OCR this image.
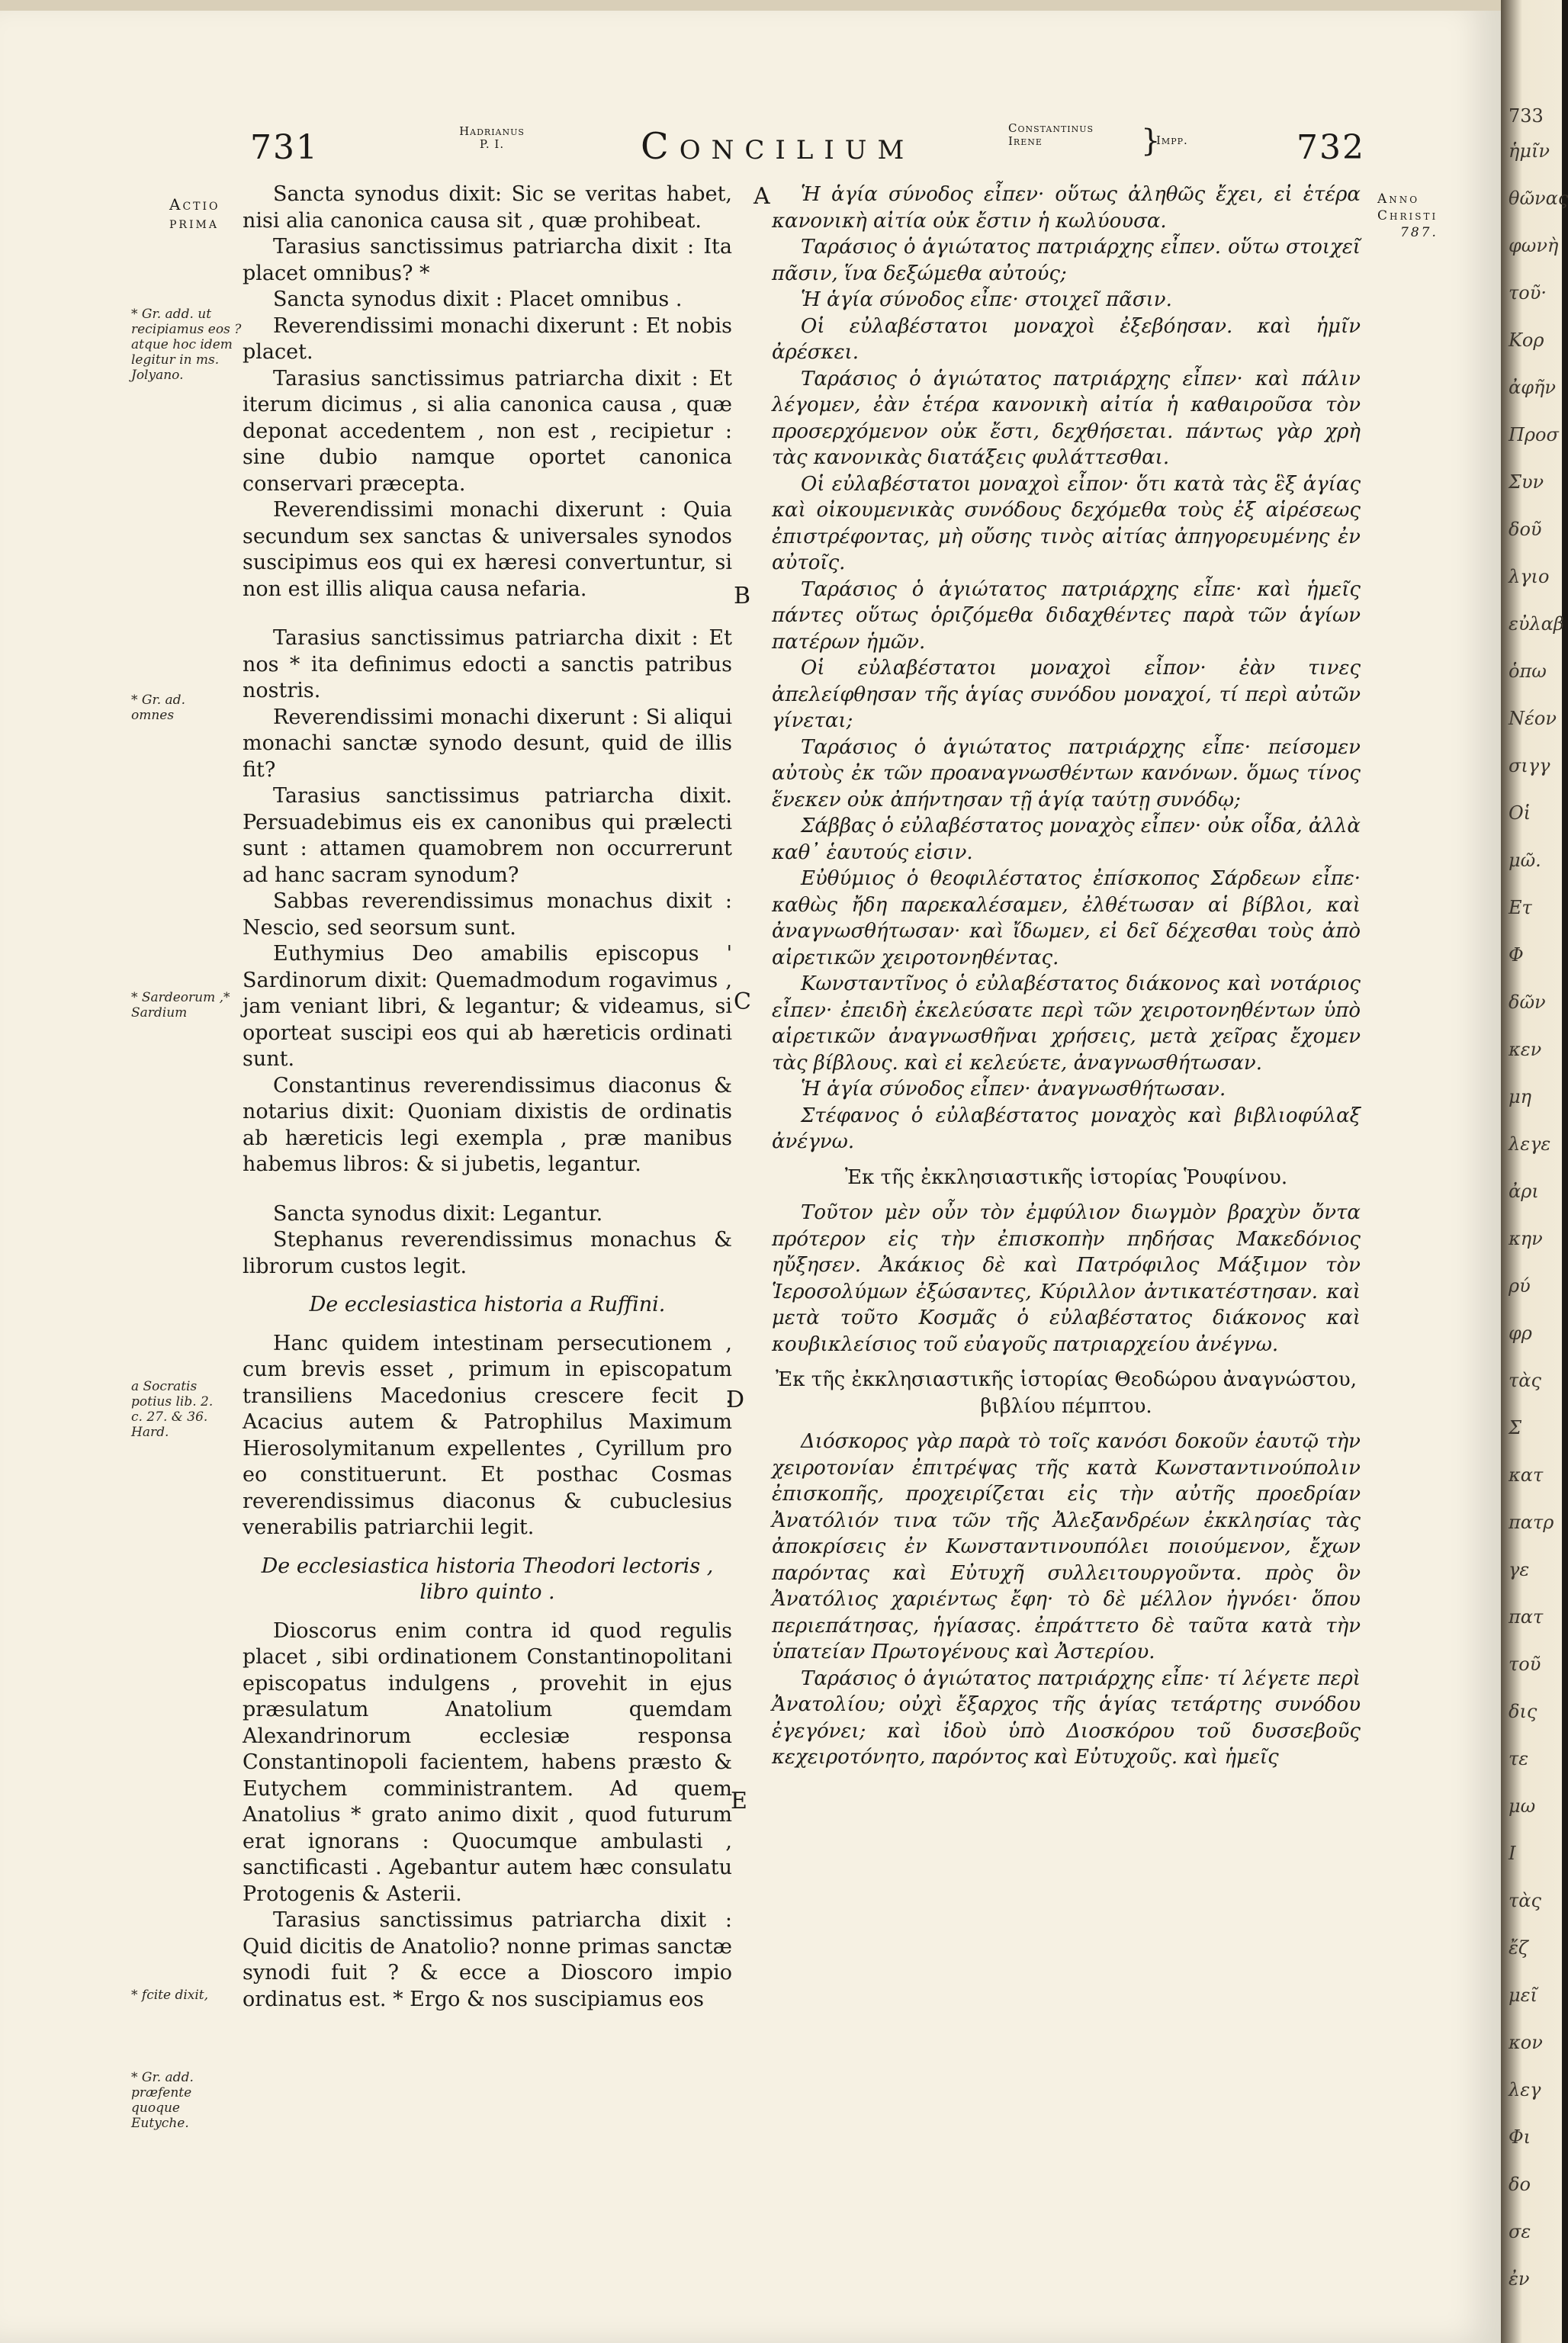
731	Hadrianus
P. I.	Concilium	Constantinus
Irene	}
Impp.	732
Actio
prima
* Gr. add. ut recipiamus eos ? atque hoc idem legitur in ms. Jolyano.
* Gr. ad. omnes
* Sardeorum ,* Sardium
a Socratis potius lib. 2. c. 27. & 36. Hard.
* fcite dixit,
* Gr. add. præfente quoque Eutyche.
Anno
Christi
787.
A
B
C
D
E

Sancta synodus dixit: Sic se veritas habet, nisi alia canonica causa sit , quæ prohibeat.

Tarasius sanctissimus patriarcha dixit : Ita placet omnibus? *

Sancta synodus dixit : Placet omnibus .

Reverendissimi monachi dixerunt : Et nobis placet.

Tarasius sanctissimus patriarcha dixit : Et iterum dicimus , si alia canonica causa , quæ deponat accedentem , non est , recipietur : sine dubio namque oportet canonica conservari præcepta.

Reverendissimi monachi dixerunt : Quia secundum sex sanctas & universales synodos suscipimus eos qui ex hæresi convertuntur, si non est illis aliqua causa nefaria.

Tarasius sanctissimus patriarcha dixit : Et nos * ita definimus edocti a sanctis patribus nostris.

Reverendissimi monachi dixerunt : Si aliqui monachi sanctæ synodo desunt, quid de illis fit?

Tarasius sanctissimus patriarcha dixit. Persuadebimus eis ex canonibus qui prælecti sunt : attamen quamobrem non occurrerunt ad hanc sacram synodum?

Sabbas reverendissimus monachus dixit : Nescio, sed seorsum sunt.

Euthymius Deo amabilis episcopus ' Sardinorum dixit: Quemadmodum rogavimus , jam veniant libri, & legantur; & videamus, si oporteat suscipi eos qui ab hæreticis ordinati sunt.

Constantinus reverendissimus diaconus & notarius dixit: Quoniam dixistis de ordinatis ab hæreticis legi exempla , præ manibus habemus libros: & si jubetis, legantur.

Sancta synodus dixit: Legantur.

Stephanus reverendissimus monachus & librorum custos legit.

De ecclesiastica historia a Ruffini.

Hanc quidem intestinam persecutionem , cum brevis esset , primum in episcopatum transiliens Macedonius crescere fecit . Acacius autem & Patrophilus Maximum Hierosolymitanum expellentes , Cyrillum pro eo constituerunt. Et posthac Cosmas reverendissimus diaconus & cubuclesius venerabilis patriarchii legit.

De ecclesiastica historia Theodori lectoris , libro quinto .

Dioscorus enim contra id quod regulis placet , sibi ordinationem Constantinopolitani episcopatus indulgens , provehit in ejus præsulatum Anatolium quemdam Alexandrinorum ecclesiæ responsa Constantinopoli facientem, habens præsto & Eutychem comministrantem. Ad quem Anatolius * grato animo dixit , quod futurum erat ignorans : Quocumque ambulasti , sanctificasti . Agebantur autem hæc consulatu Protogenis & Asterii.

Tarasius sanctissimus patriarcha dixit : Quid dicitis de Anatolio? nonne primas sanctæ synodi fuit ? & ecce a Dioscoro impio ordinatus est. * Ergo & nos suscipiamus eos

Ἡ ἁγία σύνοδος εἶπεν· οὕτως ἀληθῶς ἔχει, εἰ ἑτέρα κανονικὴ αἰτία οὐκ ἔστιν ἡ κωλύουσα.

Ταράσιος ὁ ἁγιώτατος πατριάρχης εἶπεν. οὕτω στοιχεῖ πᾶσιν, ἵνα δεξώμεθα αὐτούς;

Ἡ ἁγία σύνοδος εἶπε· στοιχεῖ πᾶσιν.

Οἱ εὐλαβέστατοι μοναχοὶ ἐξεβόησαν. καὶ ἡμῖν ἀρέσκει.

Ταράσιος ὁ ἁγιώτατος πατριάρχης εἶπεν· καὶ πάλιν λέγομεν, ἐὰν ἑτέρα κανονικὴ αἰτία ἡ καθαιροῦσα τὸν προσερχόμενον οὐκ ἔστι, δεχθήσεται. πάντως γὰρ χρὴ τὰς κανονικὰς διατάξεις φυλάττεσθαι.

Οἱ εὐλαβέστατοι μοναχοὶ εἶπον· ὅτι κατὰ τὰς ἓξ ἁγίας καὶ οἰκουμενικὰς συνόδους δεχόμεθα τοὺς ἐξ αἱρέσεως ἐπιστρέφοντας, μὴ οὔσης τινὸς αἰτίας ἀπηγορευμένης ἐν αὐτοῖς.

Ταράσιος ὁ ἁγιώτατος πατριάρχης εἶπε· καὶ ἡμεῖς πάντες οὕτως ὁριζόμεθα διδαχθέντες παρὰ τῶν ἁγίων πατέρων ἡμῶν.

Οἱ εὐλαβέστατοι μοναχοὶ εἶπον· ἐὰν τινες ἀπελείφθησαν τῆς ἁγίας συνόδου μοναχοί, τί περὶ αὐτῶν γίνεται;

Ταράσιος ὁ ἁγιώτατος πατριάρχης εἶπε· πείσομεν αὐτοὺς ἐκ τῶν προαναγνωσθέντων κανόνων. ὅμως τίνος ἕνεκεν οὐκ ἀπήντησαν τῇ ἁγίᾳ ταύτῃ συνόδῳ;

Σάββας ὁ εὐλαβέστατος μοναχὸς εἶπεν· οὐκ οἶδα, ἀλλὰ καθ᾽ ἑαυτούς εἰσιν.

Εὐθύμιος ὁ θεοφιλέστατος ἐπίσκοπος Σάρδεων εἶπε· καθὼς ἤδη παρεκαλέσαμεν, ἐλθέτωσαν αἱ βίβλοι, καὶ ἀναγνωσθήτωσαν· καὶ ἴδωμεν, εἰ δεῖ δέχεσθαι τοὺς ἀπὸ αἱρετικῶν χειροτονηθέντας.

Κωνσταντῖνος ὁ εὐλαβέστατος διάκονος καὶ νοτάριος εἶπεν· ἐπειδὴ ἐκελεύσατε περὶ τῶν χειροτονηθέντων ὑπὸ αἱρετικῶν ἀναγνωσθῆναι χρήσεις, μετὰ χεῖρας ἔχομεν τὰς βίβλους. καὶ εἰ κελεύετε, ἀναγνωσθήτωσαν.

Ἡ ἁγία σύνοδος εἶπεν· ἀναγνωσθήτωσαν.

Στέφανος ὁ εὐλαβέστατος μοναχὸς καὶ βιβλιοφύλαξ ἀνέγνω.

Ἐκ τῆς ἐκκλησιαστικῆς ἱστορίας Ῥουφίνου.

Τοῦτον μὲν οὖν τὸν ἐμφύλιον διωγμὸν βραχὺν ὄντα πρότερον εἰς τὴν ἐπισκοπὴν πηδήσας Μακεδόνιος ηὔξησεν. Ἀκάκιος δὲ καὶ Πατρόφιλος Μάξιμον τὸν Ἱεροσολύμων ἐξώσαντες, Κύριλλον ἀντικατέστησαν. καὶ μετὰ τοῦτο Κοσμᾶς ὁ εὐλαβέστατος διάκονος καὶ κουβικλείσιος τοῦ εὐαγοῦς πατριαρχείου ἀνέγνω.

Ἐκ τῆς ἐκκλησιαστικῆς ἱστορίας Θεοδώρου ἀναγνώστου, βιβλίου πέμπτου.

Διόσκορος γὰρ παρὰ τὸ τοῖς κανόσι δοκοῦν ἑαυτῷ τὴν χειροτονίαν ἐπιτρέψας τῆς κατὰ Κωνσταντινούπολιν ἐπισκοπῆς, προχειρίζεται εἰς τὴν αὐτῆς προεδρίαν Ἀνατόλιόν τινα τῶν τῆς Ἀλεξανδρέων ἐκκλησίας τὰς ἀποκρίσεις ἐν Κωνσταντινουπόλει ποιούμενον, ἔχων παρόντας καὶ Εὐτυχῆ συλλειτουργοῦντα. πρὸς ὃν Ἀνατόλιος χαριέντως ἔφη· τὸ δὲ μέλλον ἠγνόει· ὅπου περιεπάτησας, ἡγίασας. ἐπράττετο δὲ ταῦτα κατὰ τὴν ὑπατείαν Πρωτογένους καὶ Ἀστερίου.

Ταράσιος ὁ ἁγιώτατος πατριάρχης εἶπε· τί λέγετε περὶ Ἀνατολίου; οὐχὶ ἔξαρχος τῆς ἁγίας τετάρτης συνόδου ἐγεγόνει; καὶ ἰδοὺ ὑπὸ Διοσκόρου τοῦ δυσσεβοῦς κεχειροτόνητο, παρόντος καὶ Εὐτυχοῦς. καὶ ἡμεῖς

733
ἡμῖν
θῶνας
φωνὴ
τοῦ·
Κορ
ἀφῆν
Προσ
Συν
δοῦ
λγιο
εὐλαβ
ὁπω
Νέον
σιγγ
Οἱ
μῶ.
Ετ
Φ
δῶν
κεν
μη
λεγε
ἀρι
κην
ρύ
φρ
τὰς
Σ
κατ
πατρ
γε
πατ
τοῦ
δις
τε
μω
Ι
τὰς
ἔζ
μεῖ
κον
λεγ
Φι
δο
σε
ἐν
